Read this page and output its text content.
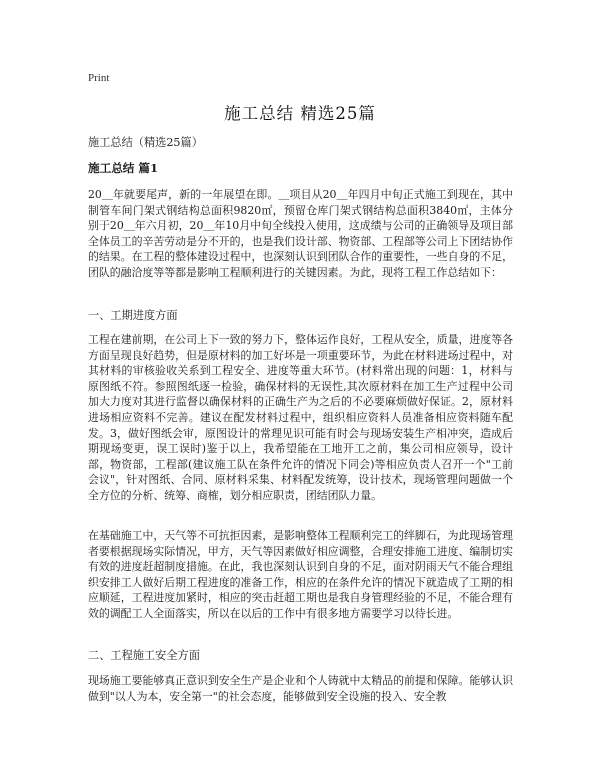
Print
施工总结 精选25篇
施工总结（精选25篇）
施工总结 篇1

20＿年就要尾声，新的一年展望在即。＿项目从20＿年四月中旬正式施工到现在，其中制管车间门架式钢结构总面积9820㎡，预留仓库门架式钢结构总面积3840㎡，主体分别于20＿年六月初，20＿年10月中旬全线投入使用，这成绩与公司的正确领导及项目部全体员工的辛苦劳动是分不开的，也是我们设计部、物资部、工程部等公司上下团结协作的结果。在工程的整体建设过程中，也深刻认识到团队合作的重要性，一些自身的不足，团队的融洽度等等都是影响工程顺利进行的关键因素。为此，现将工程工作总结如下：

一、工期进度方面

工程在建前期，在公司上下一致的努力下，整体运作良好，工程从安全，质量，进度等各方面呈现良好趋势，但是原材料的加工好坏是一项重要环节，为此在材料进场过程中，对其材料的审核验收关系到工程安全、进度等重大环节。(材料常出现的问题：1，材料与原图纸不符。参照图纸逐一检验，确保材料的无误性,其次原材料在加工生产过程中公司加大力度对其进行监督以确保材料的正确生产为之后的不必要麻烦做好保证。2，原材料进场相应资料不完善。建议在配发材料过程中，组织相应资料人员准备相应资料随车配发。3，做好图纸会审，原图设计的常理见识可能有时会与现场安装生产相冲突，造成后期现场变更，误工误时)鉴于以上，我希望能在工地开工之前，集公司相应领导，设计部，物资部，工程部(建议施工队在条件允许的情况下同会)等相应负责人召开一个"工前会议"，针对图纸、合同、原材料采集、材料配发统筹，设计技术，现场管理问题做一个全方位的分析、统筹、商榷，划分相应职责，团结团队力量。

在基础施工中，天气等不可抗拒因素，是影响整体工程顺利完工的绊脚石，为此现场管理者要根据现场实际情况，甲方，天气等因素做好相应调整，合理安排施工进度、编制切实有效的进度赶超制度措施。在此，我也深刻认识到自身的不足，面对阴雨天气不能合理组织安排工人做好后期工程进度的准备工作，相应的在条件允许的情况下就造成了工期的相应顺延，工程进度加紧时，相应的突击赶超工期也是我自身管理经验的不足，不能合理有效的调配工人全面落实，所以在以后的工作中有很多地方需要学习以待长进。

二、工程施工安全方面

现场施工要能够真正意识到安全生产是企业和个人铸就中太精品的前提和保障。能够认识做到"以人为本，安全第一"的社会态度，能够做到安全设施的投入、安全教
